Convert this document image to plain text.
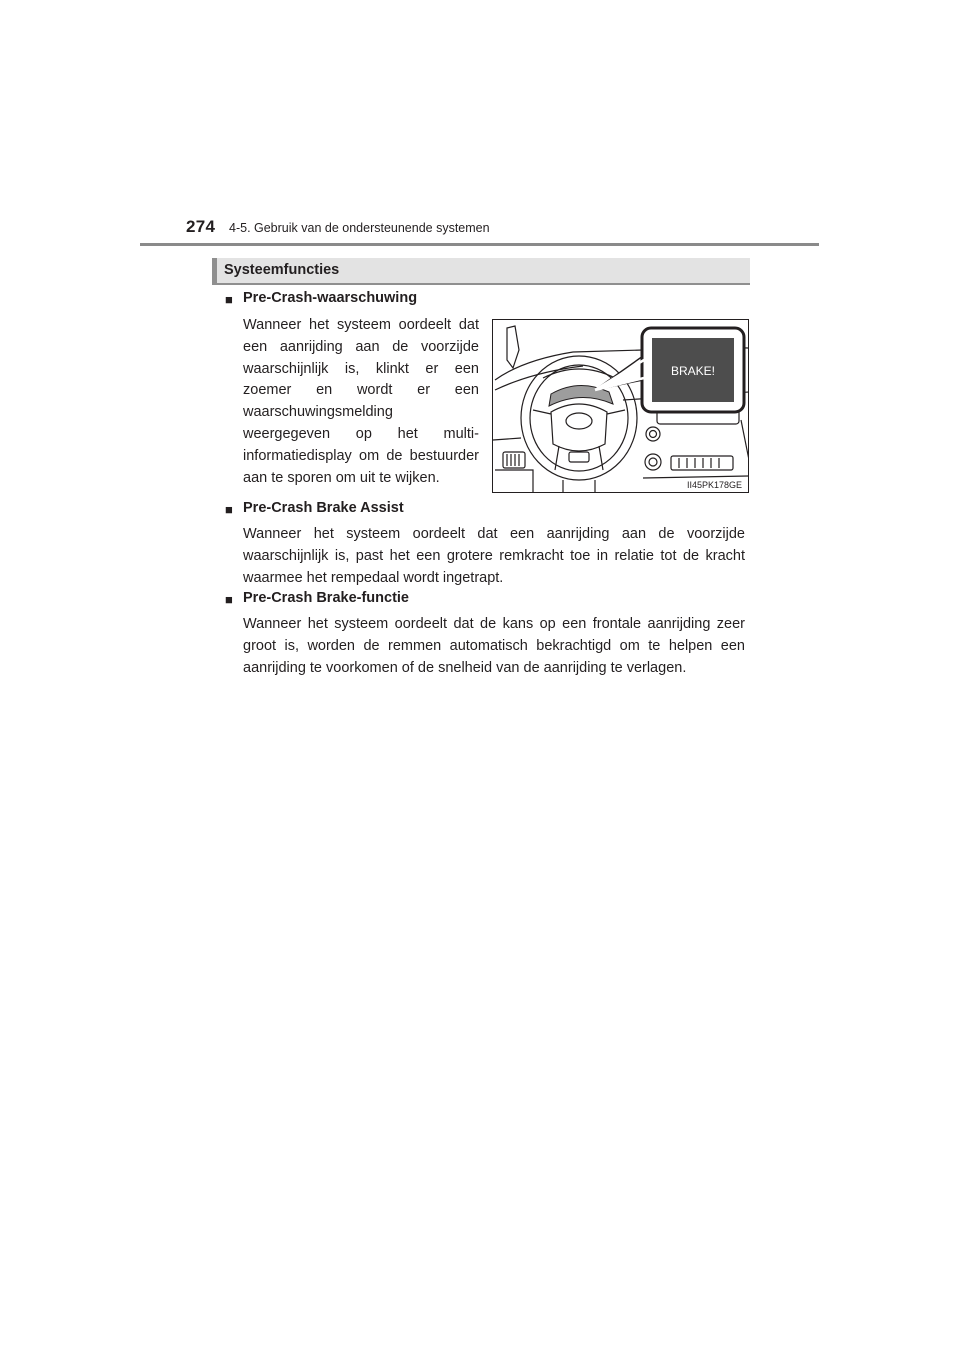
274 4-5. Gebruik van de ondersteunende systemen
Systeemfuncties
■ Pre-Crash-waarschuwing
Wanneer het systeem oordeelt dat een aanrijding aan de voorzijde waarschijnlijk is, klinkt er een zoemer en wordt er een waarschuwingsmelding weergegeven op het multi-informatiedisplay om de bestuurder aan te sporen om uit te wijken.
BRAKE!
II45PK178GE
■ Pre-Crash Brake Assist
Wanneer het systeem oordeelt dat een aanrijding aan de voorzijde waarschijnlijk is, past het een grotere remkracht toe in relatie tot de kracht waarmee het rempedaal wordt ingetrapt.
■ Pre-Crash Brake-functie
Wanneer het systeem oordeelt dat de kans op een frontale aanrijding zeer groot is, worden de remmen automatisch bekrachtigd om te helpen een aanrijding te voorkomen of de snelheid van de aanrijding te verlagen.
